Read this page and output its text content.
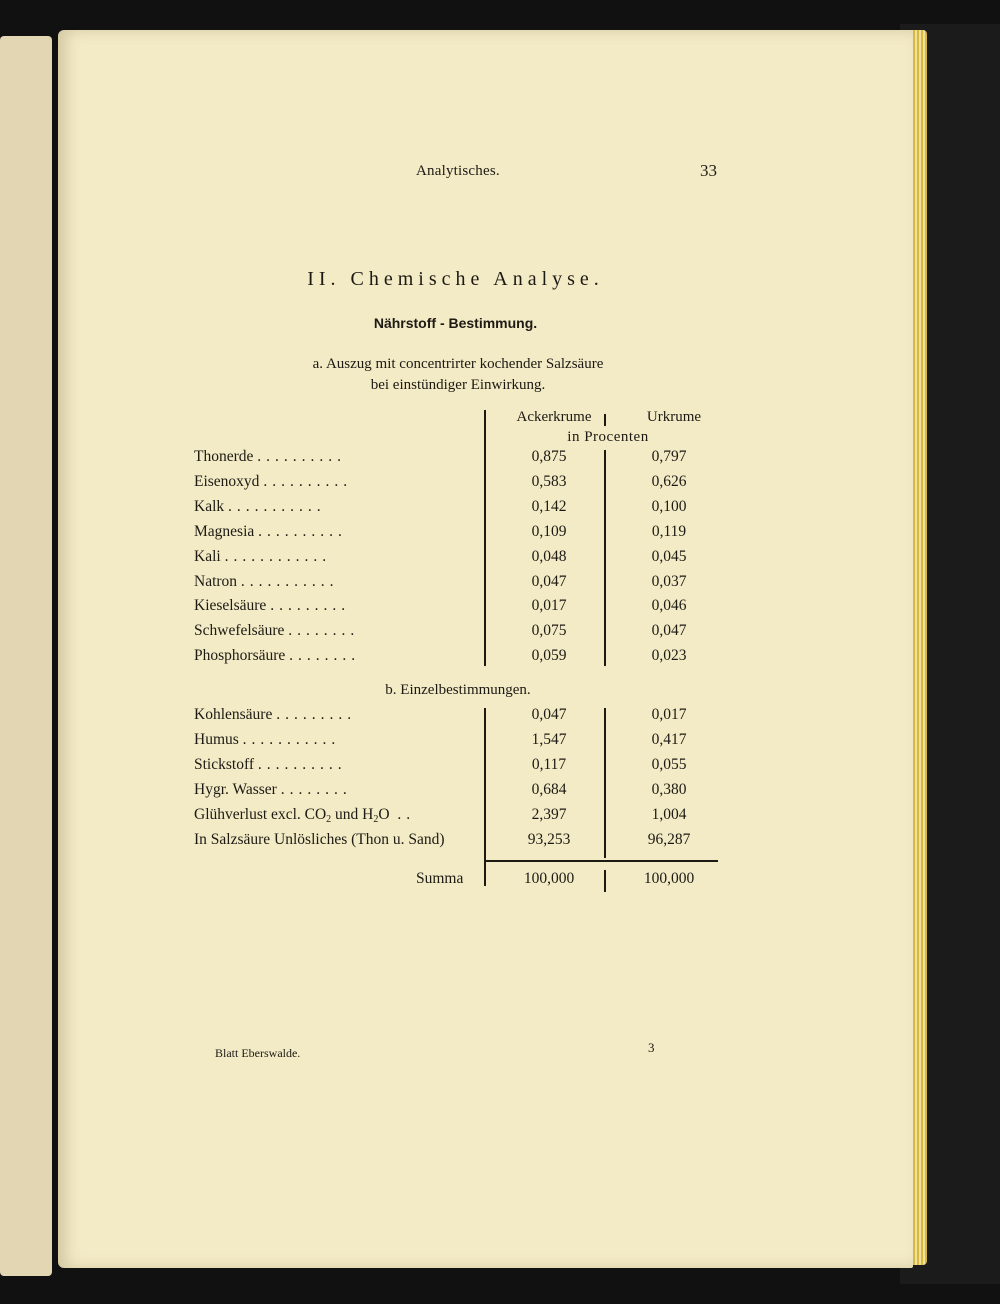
Analytisches.	33
II. Chemische Analyse.
Nährstoff - Bestimmung.
a. Auszug mit concentrirter kochender Salzsäure
bei einstündiger Einwirkung.
Ackerkrume	Urkrume
in Procenten
Thonerde ..........	0,875	0,797
Eisenoxyd ..........	0,583	0,626
Kalk ...........	0,142	0,100
Magnesia ..........	0,109	0,119
Kali ............	0,048	0,045
Natron ...........	0,047	0,037
Kieselsäure .........	0,017	0,046
Schwefelsäure ........	0,075	0,047
Phosphorsäure ........	0,059	0,023
b. Einzelbestimmungen.
Kohlensäure .........	0,047	0,017
Humus ...........	1,547	0,417
Stickstoff ..........	0,117	0,055
Hygr. Wasser ........	0,684	0,380
Glühverlust excl. $CO_2$ und $H_2O$ ..	2,397	1,004
In Salzsäure Unlösliches (Thon u. Sand)	93,253	96,287
Summa	100,000	100,000
Blatt Eberswalde.	3
